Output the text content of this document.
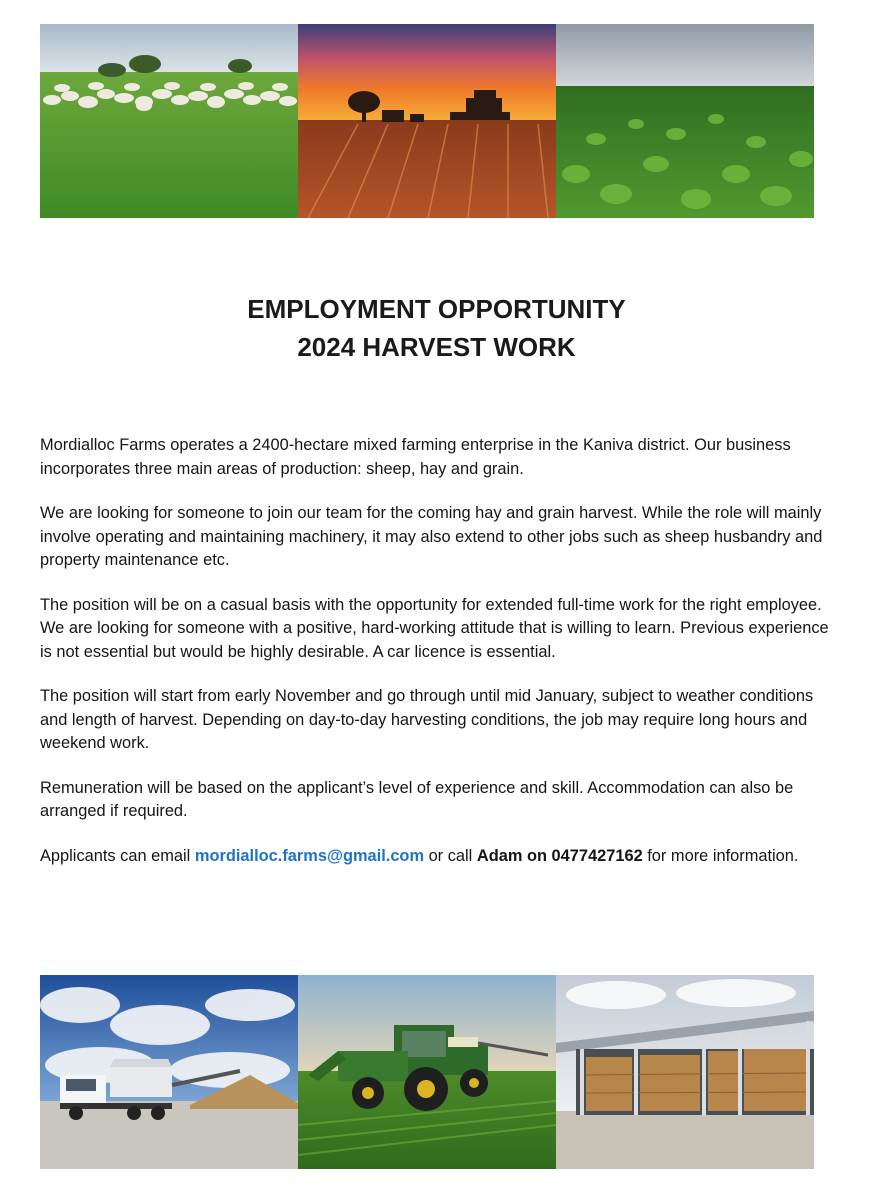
EMPLOYMENT OPPORTUNITY
2024 HARVEST WORK

Mordialloc Farms operates a 2400-hectare mixed farming enterprise in the Kaniva district. Our business incorporates three main areas of production: sheep, hay and grain.

We are looking for someone to join our team for the coming hay and grain harvest. While the role will mainly involve operating and maintaining machinery, it may also extend to other jobs such as sheep husbandry and property maintenance etc.

The position will be on a casual basis with the opportunity for extended full-time work for the right employee. We are looking for someone with a positive, hard-working attitude that is willing to learn. Previous experience is not essential but would be highly desirable. A car licence is essential.

The position will start from early November and go through until mid January, subject to weather conditions and length of harvest. Depending on day-to-day harvesting conditions, the job may require long hours and weekend work.

Remuneration will be based on the applicant’s level of experience and skill. Accommodation can also be arranged if required.

Applicants can email mordialloc.farms@gmail.com or call Adam on 0477427162 for more information.
